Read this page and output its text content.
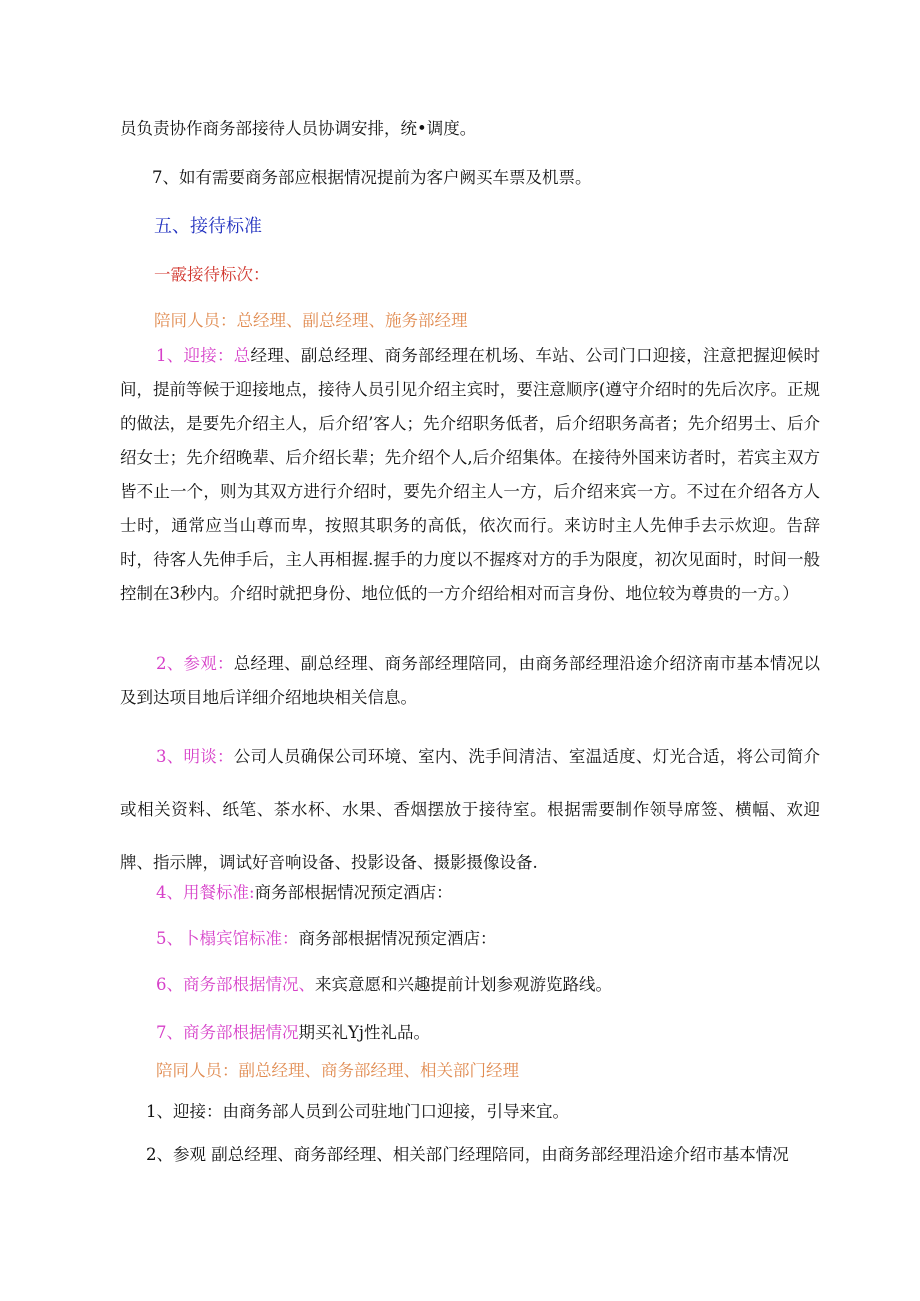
员负责协作商务部接待人员协调安排，统•调度。

7、如有需要商务部应根据情况提前为客户阙买车票及机票。

五、接待标准

一霰接待标次：

陪同人员：总经理、副总经理、施务部经理

1、迎接：总经理、副总经理、商务部经理在机场、车站、公司门口迎接，注意把握迎候时间，提前等候于迎接地点，接待人员引见介绍主宾时，要注意顺序(遵守介绍时的先后次序。正规的做法，是要先介绍主人，后介绍’客人；先介绍职务低者，后介绍职务高者；先介绍男士、后介绍女士；先介绍晚辈、后介绍长辈；先介绍个人,后介绍集体。在接待外国来访者时，若宾主双方皆不止一个，则为其双方进行介绍时，要先介绍主人一方，后介绍来宾一方。不过在介绍各方人士时，通常应当山尊而卑，按照其职务的高低，依次而行。来访时主人先伸手去示炊迎。告辞时，待客人先伸手后，主人再相握.握手的力度以不握疼对方的手为限度，初次见面时，时间一般控制在3秒内。介绍时就把身份、地位低的一方介绍给相对而言身份、地位较为尊贵的一方。）

2、参观：总经理、副总经理、商务部经理陪同，由商务部经理沿途介绍济南市基本情况以及到达项目地后详细介绍地块相关信息。

3、明谈：公司人员确保公司环境、室内、洗手间清洁、室温适度、灯光合适，将公司简介或相关资料、纸笔、茶水杯、水果、香烟摆放于接待室。根据需要制作领导席签、横幅、欢迎牌、指示牌，调试好音响设备、投影设备、摄影摄像设备.

4、用餐标准:商务部根据情况预定酒店：

5、卜榻宾馆标准：商务部根据情况预定酒店：

6、商务部根据情况、来宾意愿和兴趣提前计划参观游览路线。

7、商务部根据情况期买礼Yj性礼品。

陪同人员：副总经理、商务部经理、相关部门经理

1、迎接：由商务部人员到公司驻地门口迎接，引导来宜。

2、参观 副总经理、商务部经理、相关部门经理陪同，由商务部经理沿途介绍市基本情况
